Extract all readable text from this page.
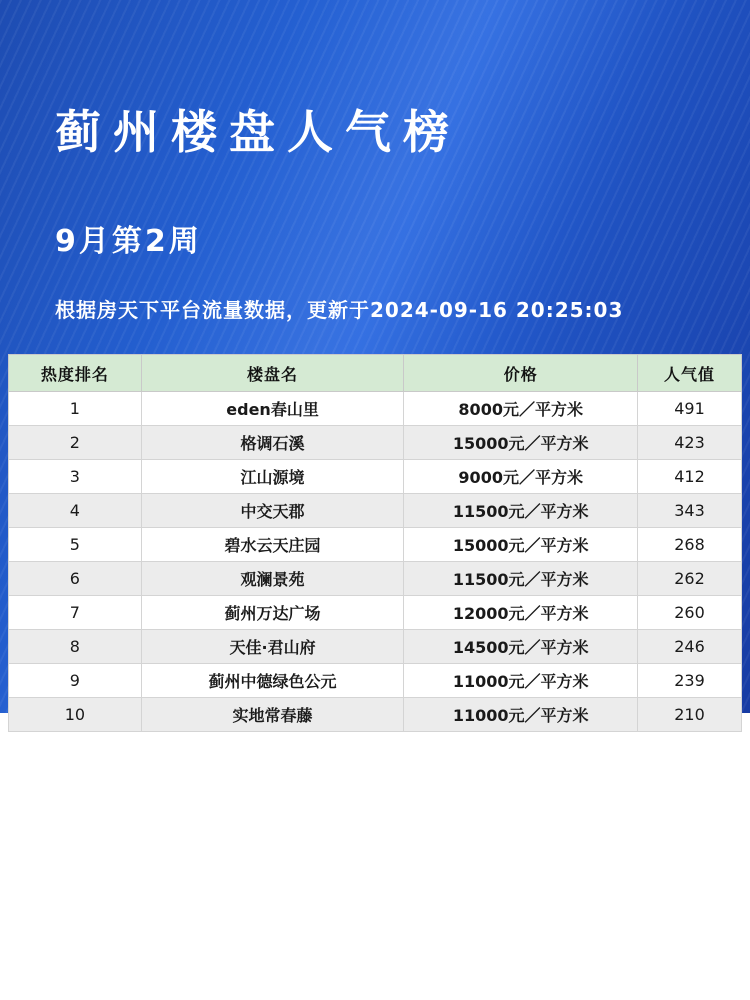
蓟州楼盘人气榜
9月第2周
根据房天下平台流量数据，更新于2024-09-16 20:25:03
热度排名	楼盘名	价格	人气值
1	eden春山里	8000元／平方米	491
2	格调石溪	15000元／平方米	423
3	江山源境	9000元／平方米	412
4	中交天郡	11500元／平方米	343
5	碧水云天庄园	15000元／平方米	268
6	观澜景苑	11500元／平方米	262
7	蓟州万达广场	12000元／平方米	260
8	天佳·君山府	14500元／平方米	246
9	蓟州中德绿色公元	11000元／平方米	239
10	实地常春藤	11000元／平方米	210
